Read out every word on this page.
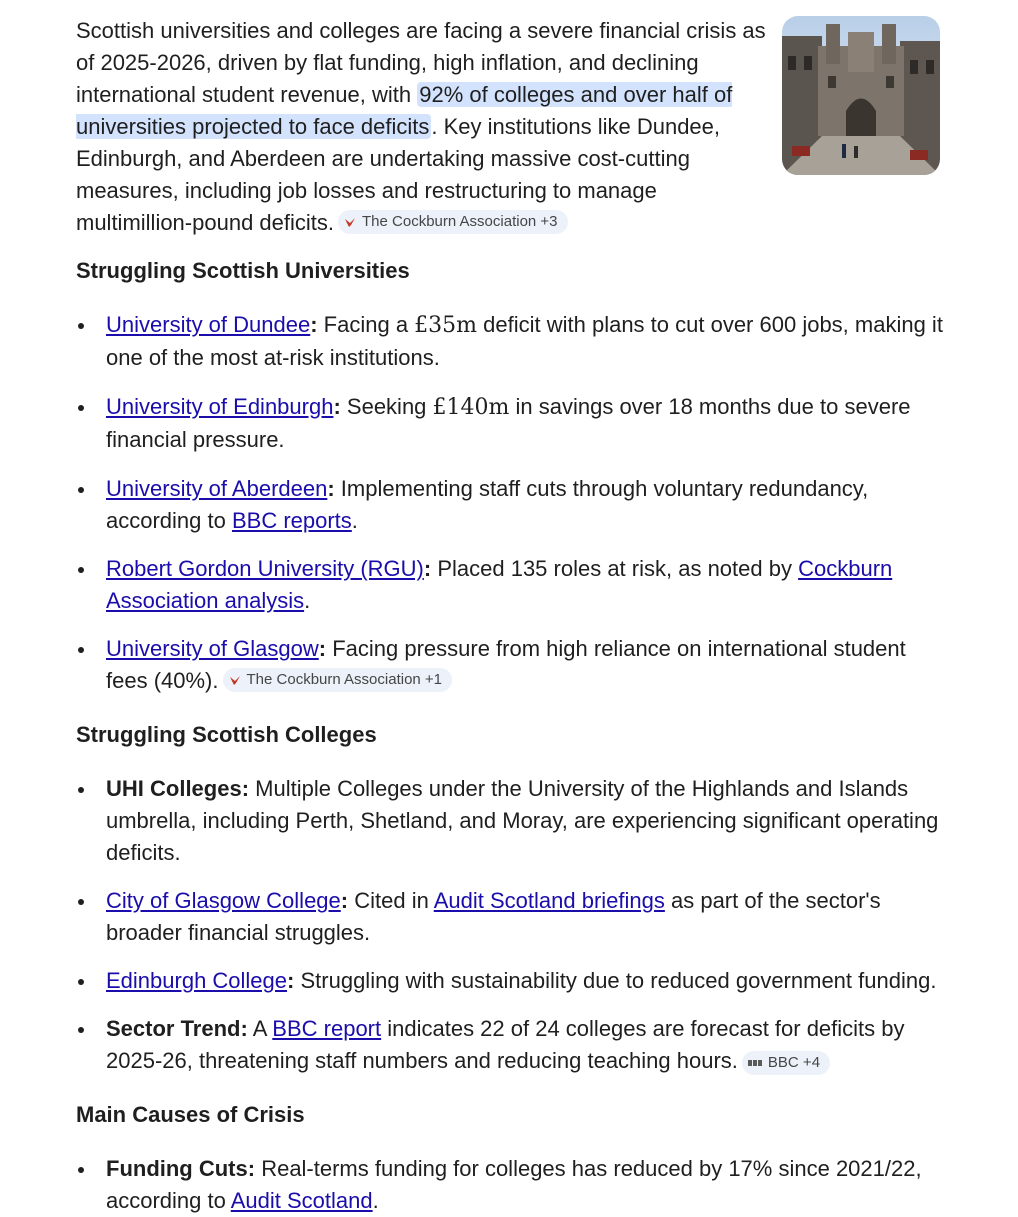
Scottish universities and colleges are facing a severe financial crisis as of 2025-2026, driven by flat funding, high inflation, and declining international student revenue, with 92% of colleges and over half of universities projected to face deficits. Key institutions like Dundee, Edinburgh, and Aberdeen are undertaking massive cost-cutting measures, including job losses and restructuring to manage multimillion-pound deficits. The Cockburn Association +3

Struggling Scottish Universities
University of Dundee: Facing a £35m deficit with plans to cut over 600 jobs, making it one of the most at-risk institutions.
University of Edinburgh: Seeking £140m in savings over 18 months due to severe financial pressure.
University of Aberdeen: Implementing staff cuts through voluntary redundancy, according to BBC reports.
Robert Gordon University (RGU): Placed 135 roles at risk, as noted by Cockburn Association analysis.
University of Glasgow: Facing pressure from high reliance on international student fees (40%). The Cockburn Association +1
Struggling Scottish Colleges
UHI Colleges: Multiple Colleges under the University of the Highlands and Islands umbrella, including Perth, Shetland, and Moray, are experiencing significant operating deficits.
City of Glasgow College: Cited in Audit Scotland briefings as part of the sector's broader financial struggles.
Edinburgh College: Struggling with sustainability due to reduced government funding.
Sector Trend: A BBC report indicates 22 of 24 colleges are forecast for deficits by 2025-26, threatening staff numbers and reducing teaching hours. BBC +4
Main Causes of Crisis
Funding Cuts: Real-terms funding for colleges has reduced by 17% since 2021/22, according to Audit Scotland.
